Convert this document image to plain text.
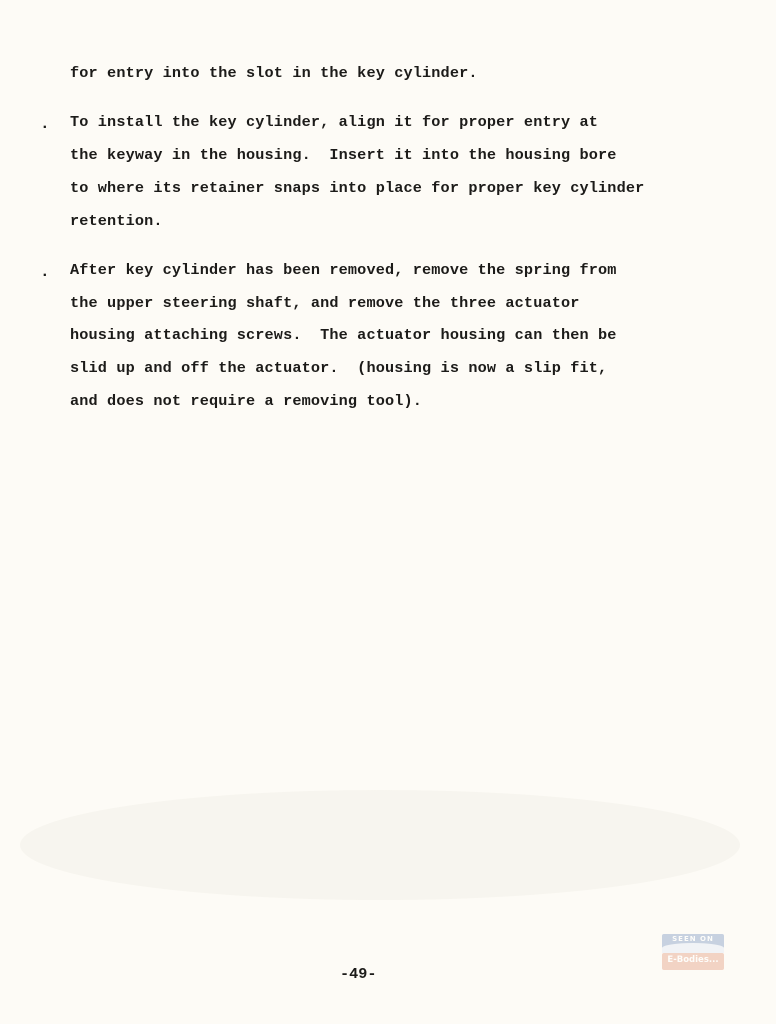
for entry into the slot in the key cylinder.
. To install the key cylinder, align it for proper entry at
the keyway in the housing.  Insert it into the housing bore
to where its retainer snaps into place for proper key cylinder
retention.
. After key cylinder has been removed, remove the spring from
the upper steering shaft, and remove the three actuator
housing attaching screws.  The actuator housing can then be
slid up and off the actuator.  (housing is now a slip fit,
and does not require a removing tool).
-49-
SEEN ON
E-Bodies...
